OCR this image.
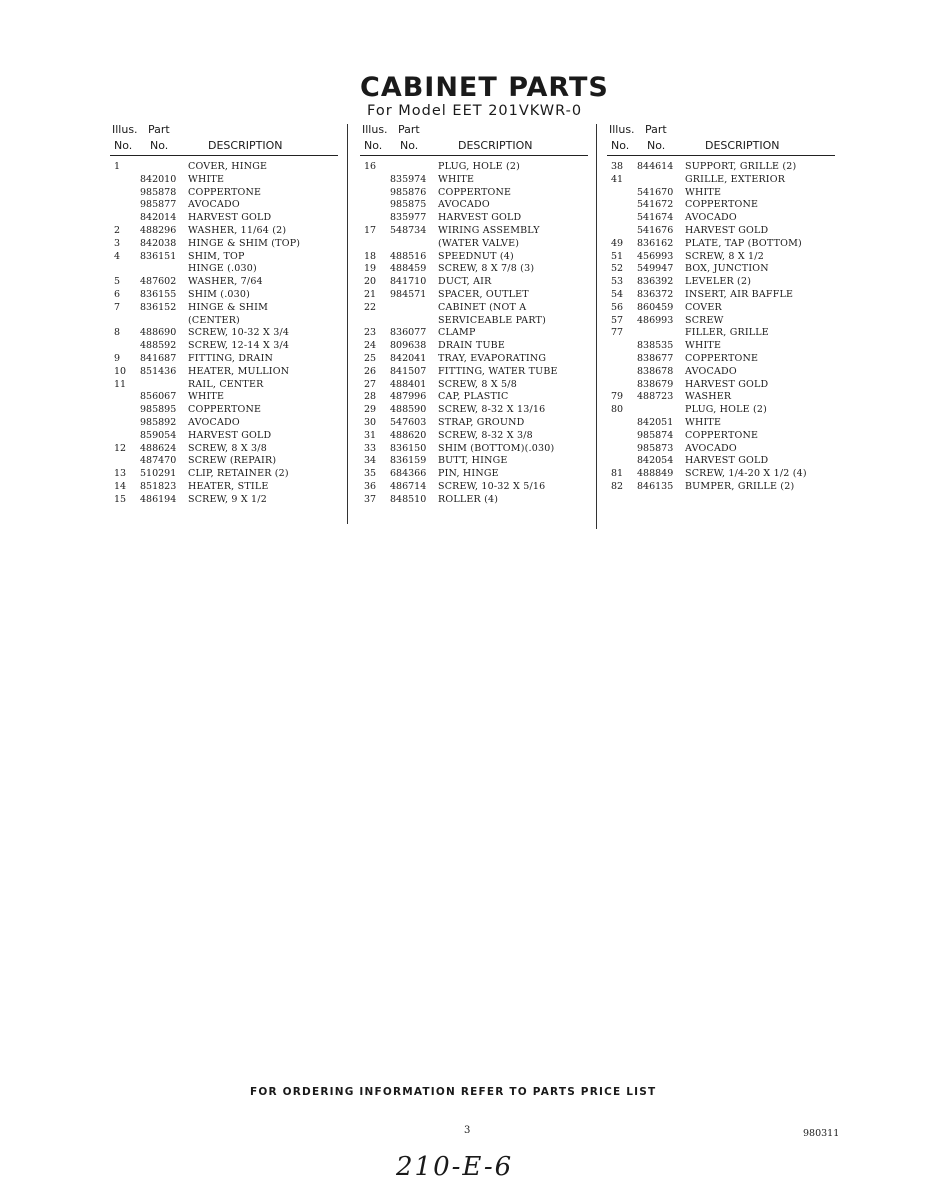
CABINET PARTS
For Model EET 201VKWR-0
Illus. Part
No. No.	DESCRIPTION
1	COVER, HINGE
842010 WHITE
985878 COPPERTONE
985877 AVOCADO
842014 HARVEST GOLD
2 488296 WASHER, 11/64 (2)
3 842038 HINGE & SHIM (TOP)
4 836151 SHIM, TOP
HINGE (.030)
5 487602 WASHER, 7/64
6 836155 SHIM (.030)
7 836152 HINGE & SHIM
(CENTER)
8 488690 SCREW, 10-32 X 3/4
488592 SCREW, 12-14 X 3/4
9 841687 FITTING, DRAIN
10 851436 HEATER, MULLION
11	RAIL, CENTER
856067 WHITE
985895 COPPERTONE
985892 AVOCADO
859054 HARVEST GOLD
12 488624 SCREW, 8 X 3/8
487470 SCREW (REPAIR)
13 510291 CLIP, RETAINER (2)
14 851823 HEATER, STILE
15 486194 SCREW, 9 X 1/2
Illus. Part
No. No.	DESCRIPTION
16	PLUG, HOLE (2)
835974 WHITE
985876 COPPERTONE
985875 AVOCADO
835977 HARVEST GOLD
17 548734 WIRING ASSEMBLY
(WATER VALVE)
18 488516 SPEEDNUT (4)
19 488459 SCREW, 8 X 7/8 (3)
20 841710 DUCT, AIR
21 984571 SPACER, OUTLET
22	CABINET (NOT A
SERVICEABLE PART)
23 836077 CLAMP
24 809638 DRAIN TUBE
25 842041 TRAY, EVAPORATING
26 841507 FITTING, WATER TUBE
27 488401 SCREW, 8 X 5/8
28 487996 CAP, PLASTIC
29 488590 SCREW, 8-32 X 13/16
30 547603 STRAP, GROUND
31 488620 SCREW, 8-32 X 3/8
33 836150 SHIM (BOTTOM)(.030)
34 836159 BUTT, HINGE
35 684366 PIN, HINGE
36 486714 SCREW, 10-32 X 5/16
37 848510 ROLLER (4)
Illus. Part
No. No.	DESCRIPTION
38 844614 SUPPORT, GRILLE (2)
41	GRILLE, EXTERIOR
541670 WHITE
541672 COPPERTONE
541674 AVOCADO
541676 HARVEST GOLD
49 836162 PLATE, TAP (BOTTOM)
51 456993 SCREW, 8 X 1/2
52 549947 BOX, JUNCTION
53 836392 LEVELER (2)
54 836372 INSERT, AIR BAFFLE
56 860459 COVER
57 486993 SCREW
77	FILLER, GRILLE
838535 WHITE
838677 COPPERTONE
838678 AVOCADO
838679 HARVEST GOLD
79 488723 WASHER
80	PLUG, HOLE (2)
842051 WHITE
985874 COPPERTONE
985873 AVOCADO
842054 HARVEST GOLD
81 488849 SCREW, 1/4-20 X 1/2 (4)
82 846135 BUMPER, GRILLE (2)
FOR ORDERING INFORMATION REFER TO PARTS PRICE LIST
3	980311
210-E-6
